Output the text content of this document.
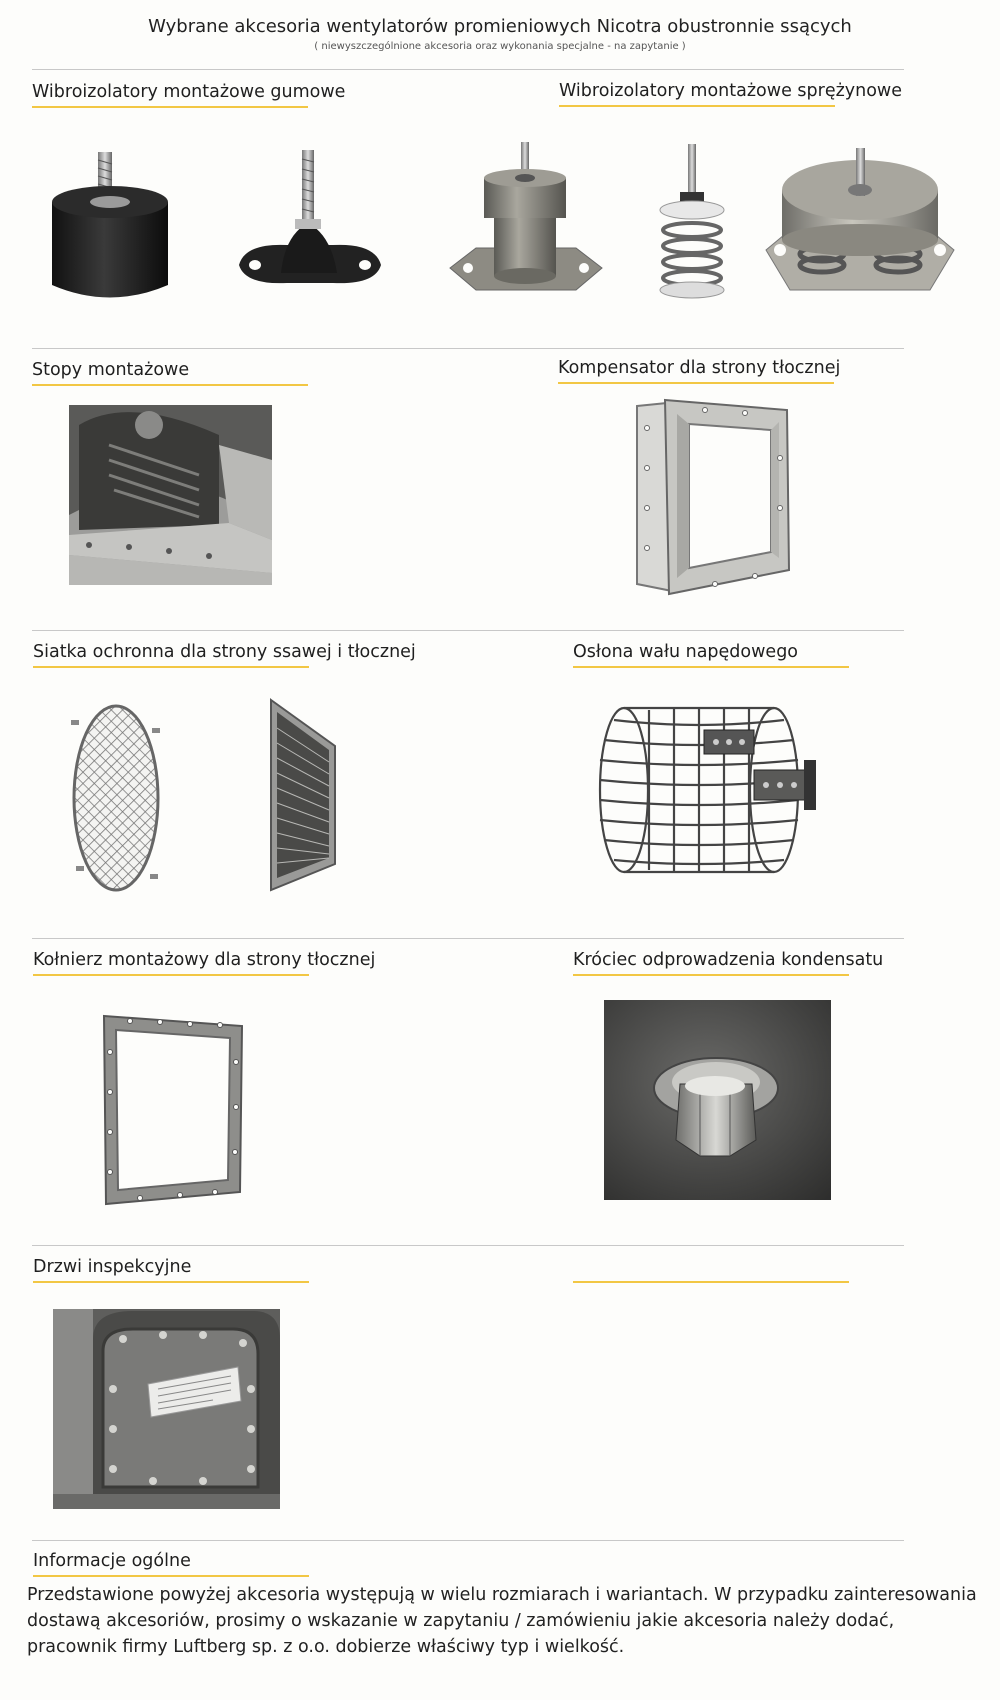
Wybrane akcesoria wentylatorów promieniowych Nicotra obustronnie ssących
( niewyszczególnione akcesoria oraz wykonania specjalne - na zapytanie )
Wibroizolatory montażowe gumowe	Wibroizolatory montażowe sprężynowe
Stopy montażowe	Kompensator dla strony tłocznej
Siatka ochronna dla strony ssawej i tłocznej	Osłona wału napędowego
Kołnierz montażowy dla strony tłocznej	Króciec odprowadzenia kondensatu
Drzwi inspekcyjne
Informacje ogólne
Przedstawione powyżej akcesoria występują w wielu rozmiarach i wariantach. W przypadku zainteresowania dostawą akcesoriów, prosimy o wskazanie w zapytaniu / zamówieniu jakie akcesoria należy dodać, pracownik firmy Luftberg sp. z o.o. dobierze właściwy typ i wielkość.
